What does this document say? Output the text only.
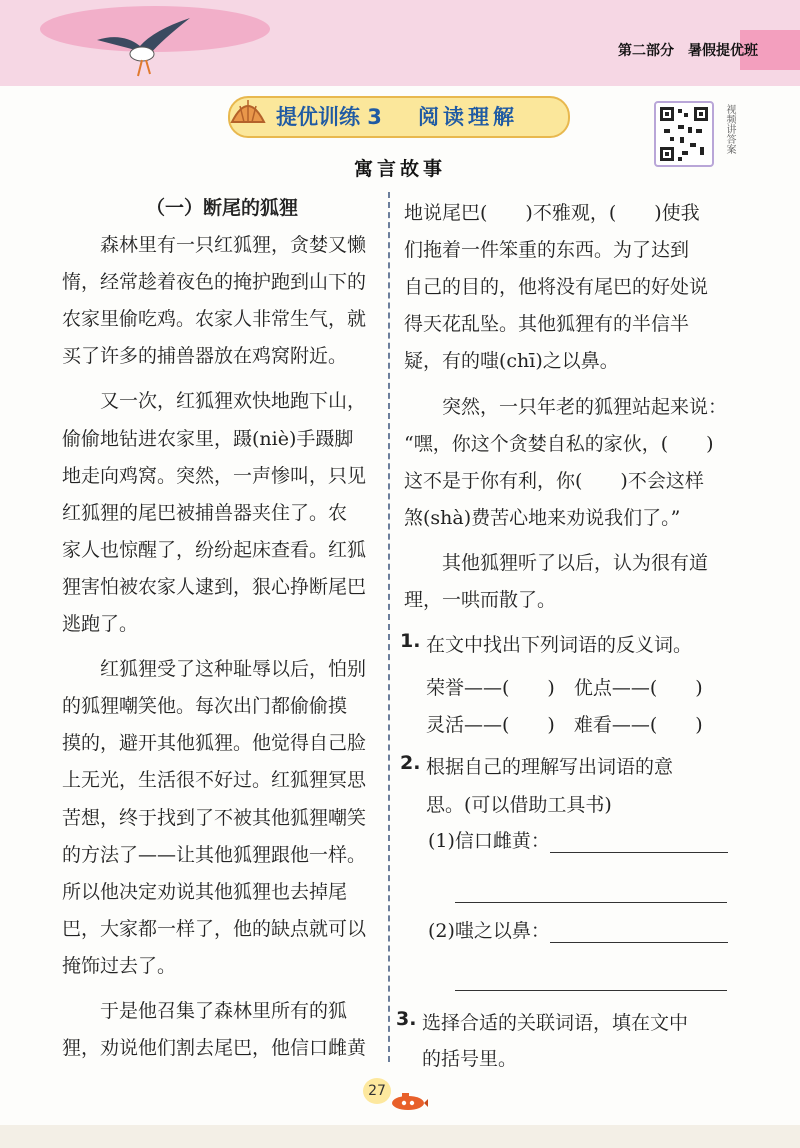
第二部分　暑假提优班
提优训练 3 阅读理解	视频讲答案
寓言故事
（一）断尾的狐狸
　　森林里有一只红狐狸，贪婪又懒
惰，经常趁着夜色的掩护跑到山下的
农家里偷吃鸡。农家人非常生气，就
买了许多的捕兽器放在鸡窝附近。
　　又一次，红狐狸欢快地跑下山，
偷偷地钻进农家里，蹑(niè)手蹑脚
地走向鸡窝。突然，一声惨叫，只见
红狐狸的尾巴被捕兽器夹住了。农
家人也惊醒了，纷纷起床查看。红狐
狸害怕被农家人逮到，狠心挣断尾巴
逃跑了。
　　红狐狸受了这种耻辱以后，怕别
的狐狸嘲笑他。每次出门都偷偷摸
摸的，避开其他狐狸。他觉得自己脸
上无光，生活很不好过。红狐狸冥思
苦想，终于找到了不被其他狐狸嘲笑
的方法了——让其他狐狸跟他一样。
所以他决定劝说其他狐狸也去掉尾
巴，大家都一样了，他的缺点就可以
掩饰过去了。
　　于是他召集了森林里所有的狐
狸，劝说他们割去尾巴，他信口雌黄
地说尾巴(　　)不雅观，(　　)使我
们拖着一件笨重的东西。为了达到
自己的目的，他将没有尾巴的好处说
得天花乱坠。其他狐狸有的半信半
疑，有的嗤(chī)之以鼻。
　　突然，一只年老的狐狸站起来说：
“嘿，你这个贪婪自私的家伙，(　　)
这不是于你有利，你(　　)不会这样
煞(shà)费苦心地来劝说我们了。”
　　其他狐狸听了以后，认为很有道
理，一哄而散了。
1. 在文中找出下列词语的反义词。
荣誉——(　　)　优点——(　　)
灵活——(　　)　难看——(　　)
2. 根据自己的理解写出词语的意
思。(可以借助工具书)
(1)信口雌黄：
(2)嗤之以鼻：
3. 选择合适的关联词语，填在文中
的括号里。
27
